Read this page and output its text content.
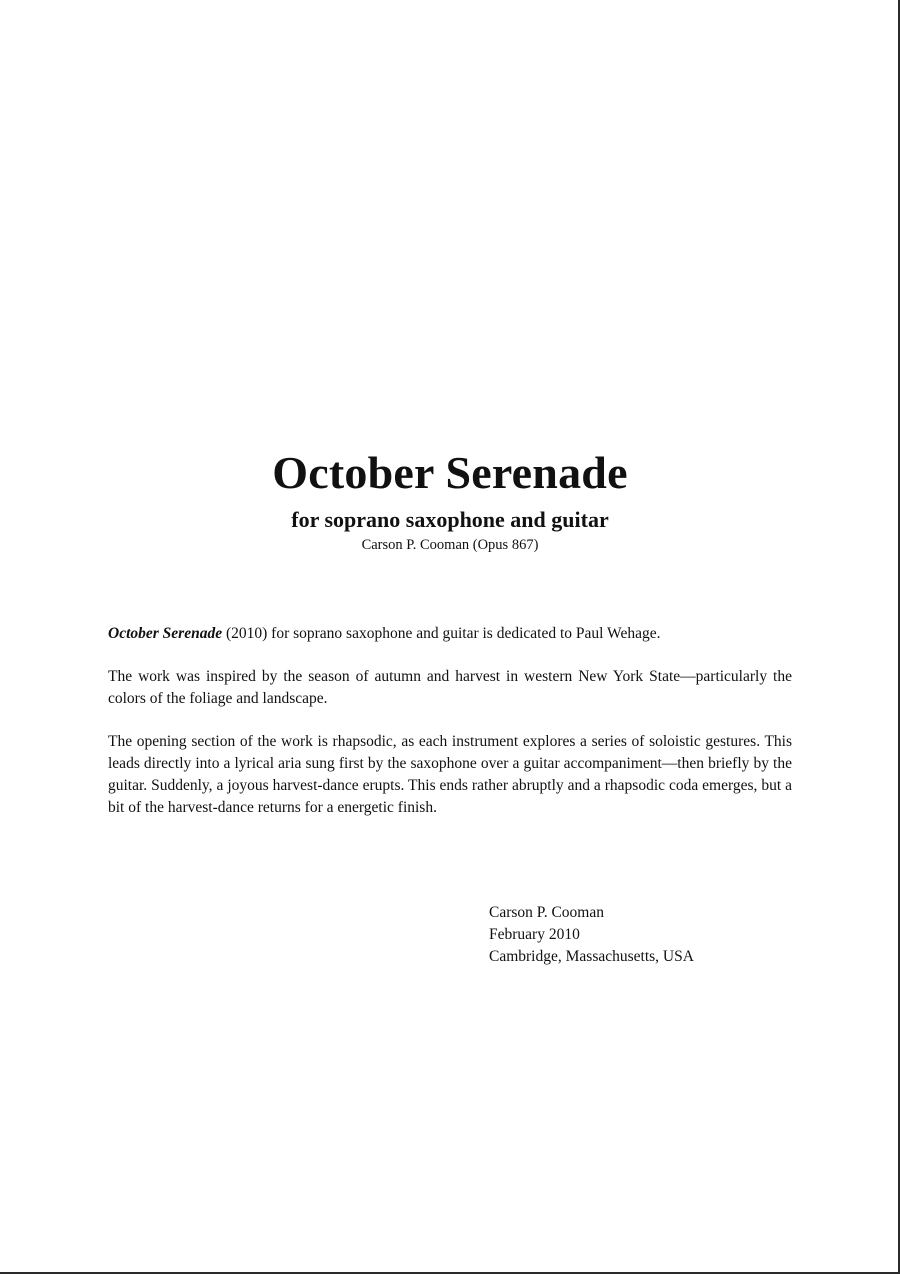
October Serenade
for soprano saxophone and guitar
Carson P. Cooman (Opus 867)

October Serenade (2010) for soprano saxophone and guitar is dedicated to Paul Wehage.

The work was inspired by the season of autumn and harvest in western New York State—particularly the colors of the foliage and landscape.

The opening section of the work is rhapsodic, as each instrument explores a series of soloistic gestures. This leads directly into a lyrical aria sung first by the saxophone over a guitar accompaniment—then briefly by the guitar. Suddenly, a joyous harvest-dance erupts. This ends rather abruptly and a rhapsodic coda emerges, but a bit of the harvest-dance returns for a energetic finish.

Carson P. Cooman
February 2010
Cambridge, Massachusetts, USA
